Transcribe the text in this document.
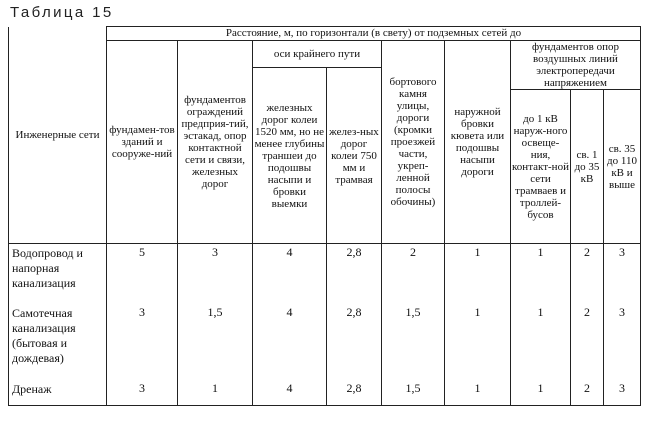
Таблица 15
Инженерные сети	Расстояние, м, по горизонтали (в свету) от подземных сетей до								
	фундамен-тов зданий и сооруже-ний	фундаментов ограждений предприя-тий, эстакад, опор контактной сети и связи, железных дорог	оси крайнего пути		бортового камня улицы, дороги (кромки проезжей части, укреп-ленной полосы обочины)	наружной бровки кювета или подошвы насыпи дороги	фундаментов опор воздушных линий электропередачи напряжением		
			железных дорог колеи 1520 мм, но не менее глубины траншеи до подошвы насыпи и бровки выемки	желез-ных дорог колеи 750 мм и трамвая					
							до 1 кВ наруж-ного освеще-ния, контакт-ной сети трамваев и троллей-бусов	св. 1 до 35 кВ	св. 35 до 110 кВ и выше
Водопровод и напорная канализация	5	3	4	2,8	2	1	1	2	3
Самотечная канализация (бытовая и дождевая)	3	1,5	4	2,8	1,5	1	1	2	3
Дренаж	3	1	4	2,8	1,5	1	1	2	3
